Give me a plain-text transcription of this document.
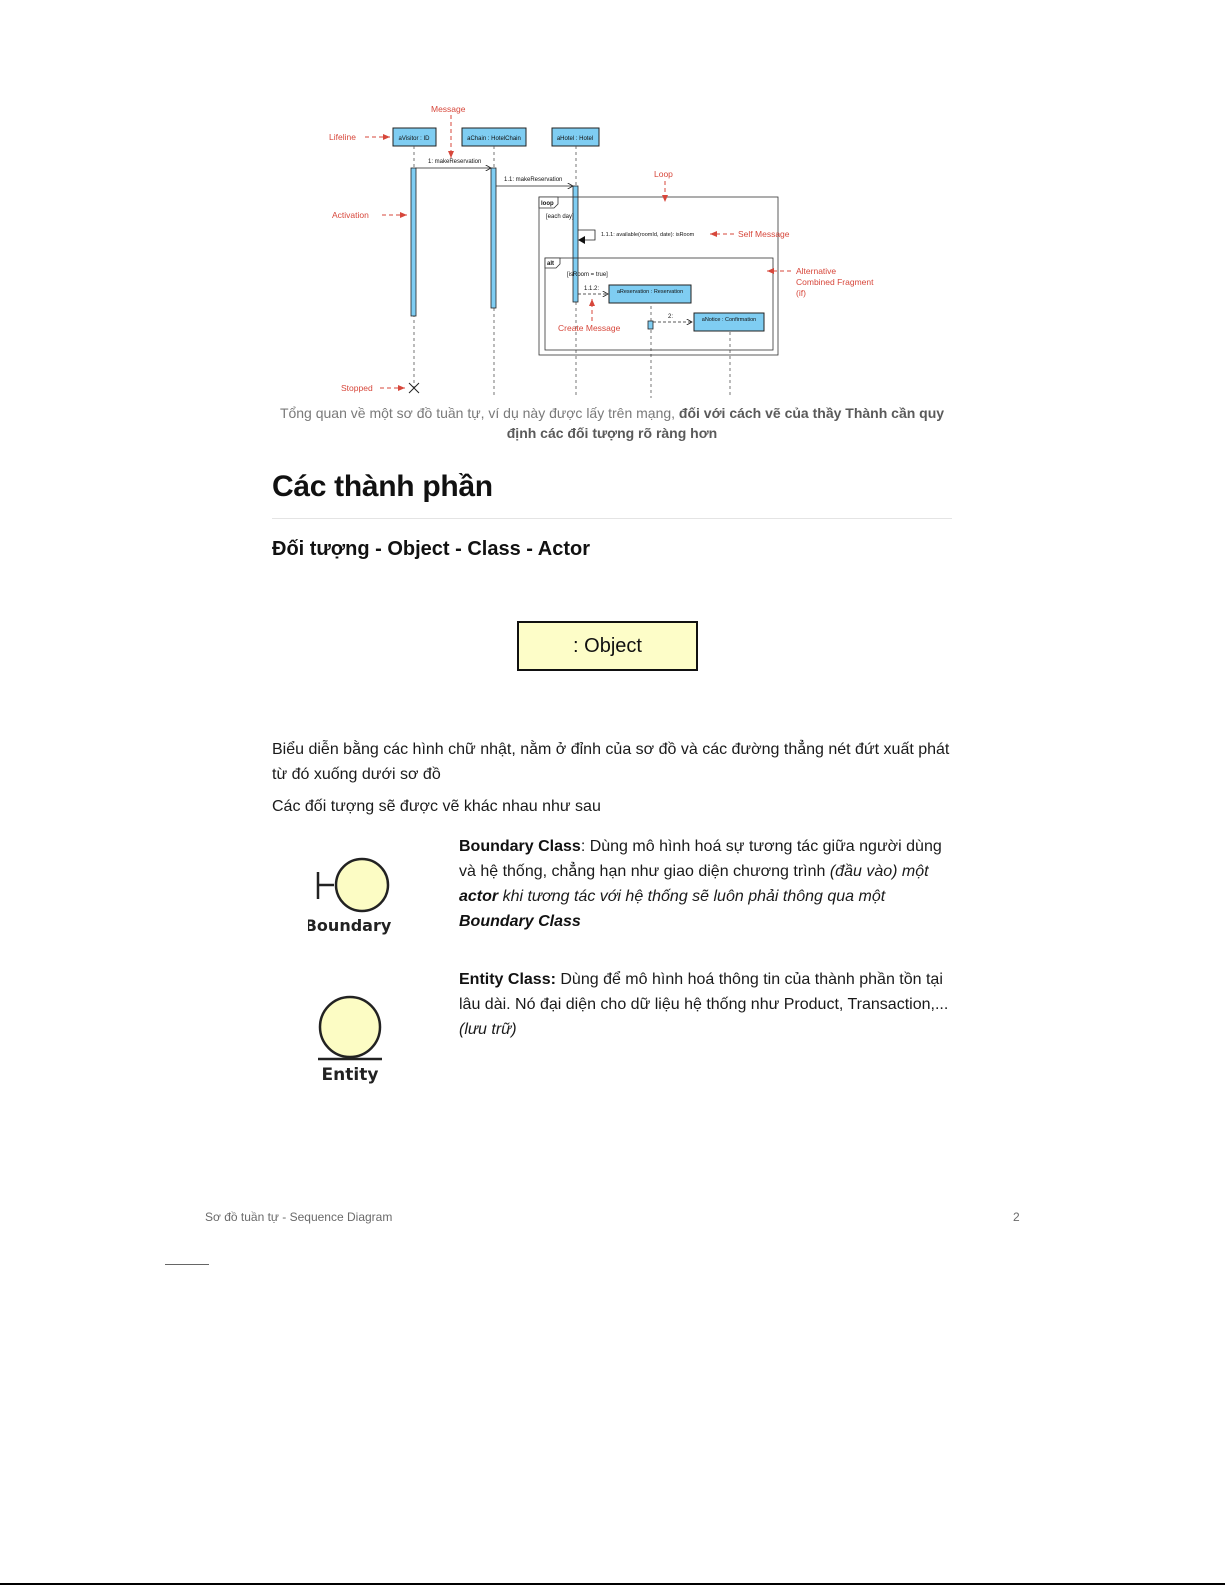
aVisitor : ID	aChain : HotelChain	aHotel : Hotel
1: makeReservation
1.1: makeReservation
loop
[each day]
1.1.1: available(roomId, date): isRoom
alt
[isRoom = true]
1.1.2:	aReservation : Reservation
2:	aNotice : Confirmation
Message
Lifeline
Activation
Loop
Self Message
Alternative
Combined Fragment
(if)
Create Message
Stopped
Tổng quan về một sơ đồ tuần tự, ví dụ này được lấy trên mạng, đối với cách vẽ của thầy Thành cần quy định các đối tượng rõ ràng hơn
Các thành phần
Đối tượng - Object - Class - Actor
: Object

Biểu diễn bằng các hình chữ nhật, nằm ở đỉnh của sơ đồ và các đường thẳng nét đứt xuất phát từ đó xuống dưới sơ đồ

Các đối tượng sẽ được vẽ khác nhau như sau

Boundary

Boundary Class: Dùng mô hình hoá sự tương tác giữa người dùng và hệ thống, chẳng hạn như giao diện chương trình (đầu vào) một actor khi tương tác với hệ thống sẽ luôn phải thông qua một Boundary Class

Entity

Entity Class: Dùng để mô hình hoá thông tin của thành phần tồn tại lâu dài. Nó đại diện cho dữ liệu hệ thống như Product, Transaction,... (lưu trữ)

Sơ đồ tuần tự - Sequence Diagram	2
